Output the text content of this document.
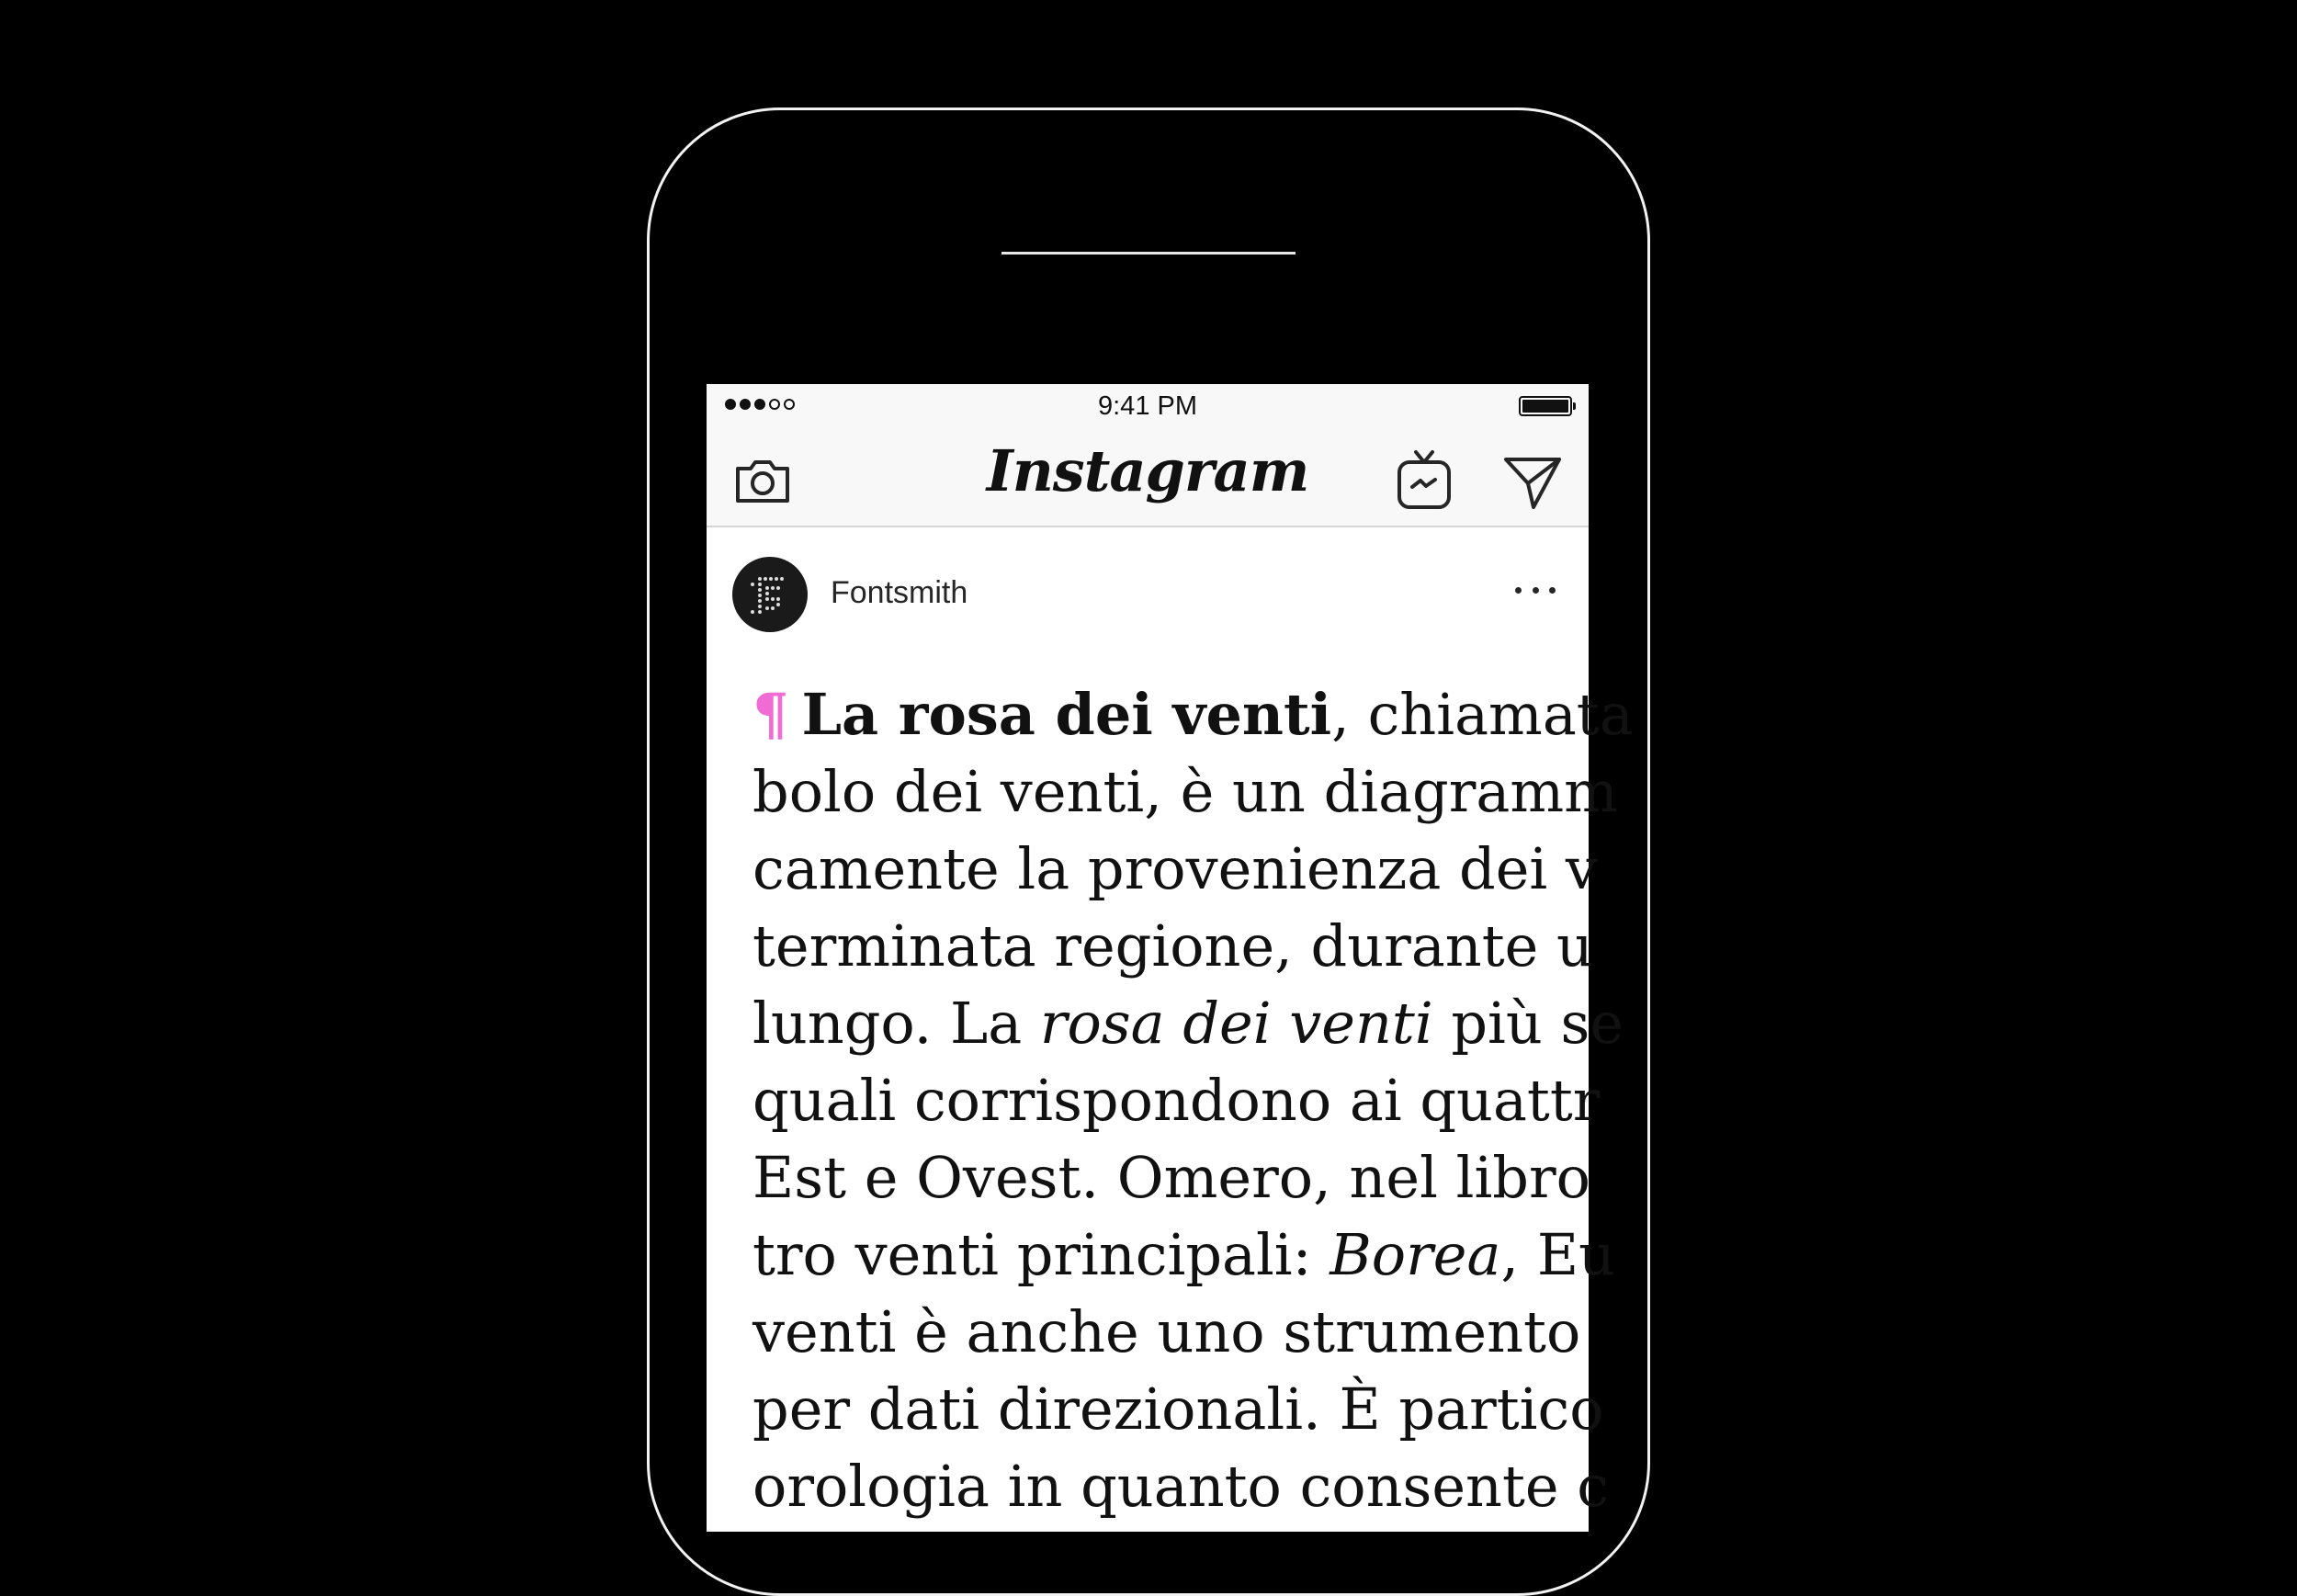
9:41 PM
Instagram
Fontsmith
¶ La rosa dei venti, chiamata
bolo dei venti, è un diagramm
camente la provenienza dei v
terminata regione, durante u
lungo. La rosa dei venti più se
quali corrispondono ai quattr
Est e Ovest. Omero, nel libro
tro venti principali: Borea, Eu
venti è anche uno strumento
per dati direzionali. È partico
orologia in quanto consente c
